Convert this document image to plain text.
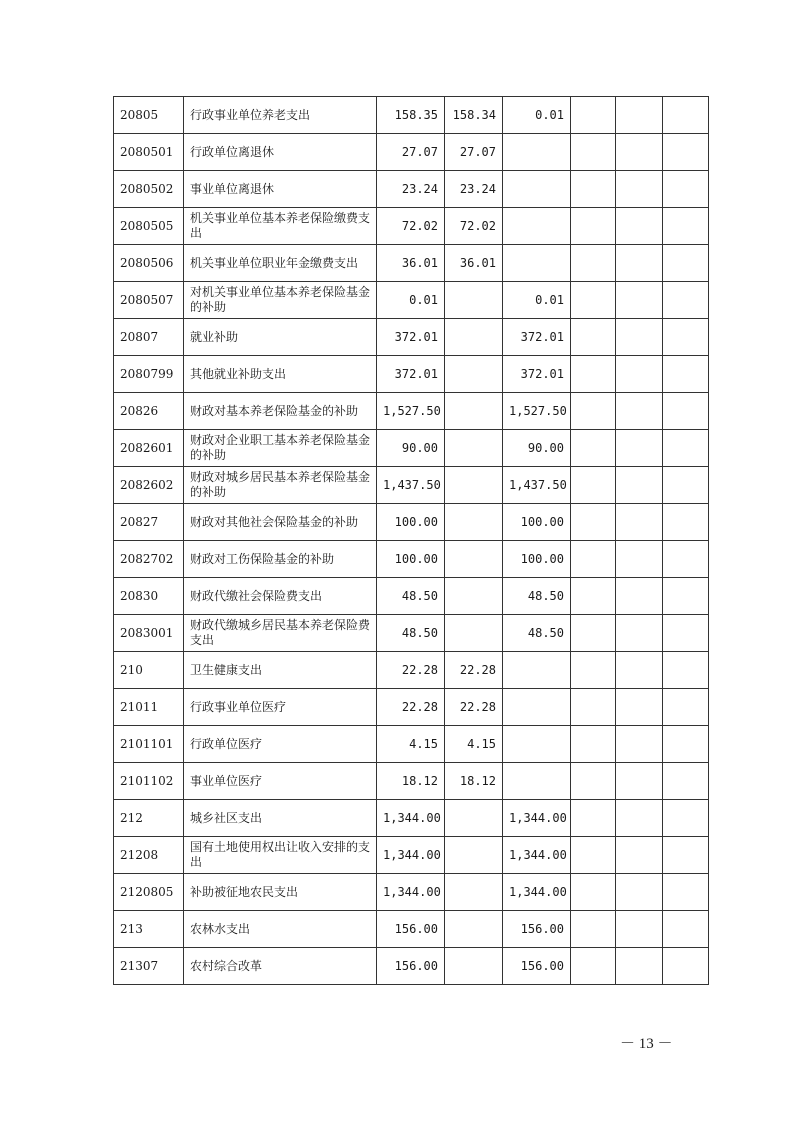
20805	行政事业单位养老支出	158.35	158.34	0.01			
2080501	行政单位离退休	27.07	27.07				
2080502	事业单位离退休	23.24	23.24				
2080505	机关事业单位基本养老保险缴费支出	72.02	72.02				
2080506	机关事业单位职业年金缴费支出	36.01	36.01				
2080507	对机关事业单位基本养老保险基金的补助	0.01		0.01			
20807	就业补助	372.01		372.01			
2080799	其他就业补助支出	372.01		372.01			
20826	财政对基本养老保险基金的补助	1,527.50		1,527.50			
2082601	财政对企业职工基本养老保险基金的补助	90.00		90.00			
2082602	财政对城乡居民基本养老保险基金的补助	1,437.50		1,437.50			
20827	财政对其他社会保险基金的补助	100.00		100.00			
2082702	财政对工伤保险基金的补助	100.00		100.00			
20830	财政代缴社会保险费支出	48.50		48.50			
2083001	财政代缴城乡居民基本养老保险费支出	48.50		48.50			
210	卫生健康支出	22.28	22.28				
21011	行政事业单位医疗	22.28	22.28				
2101101	行政单位医疗	4.15	4.15				
2101102	事业单位医疗	18.12	18.12				
212	城乡社区支出	1,344.00		1,344.00			
21208	国有土地使用权出让收入安排的支出	1,344.00		1,344.00			
2120805	补助被征地农民支出	1,344.00		1,344.00			
213	农林水支出	156.00		156.00			
21307	农村综合改革	156.00		156.00			
－ 13 －
